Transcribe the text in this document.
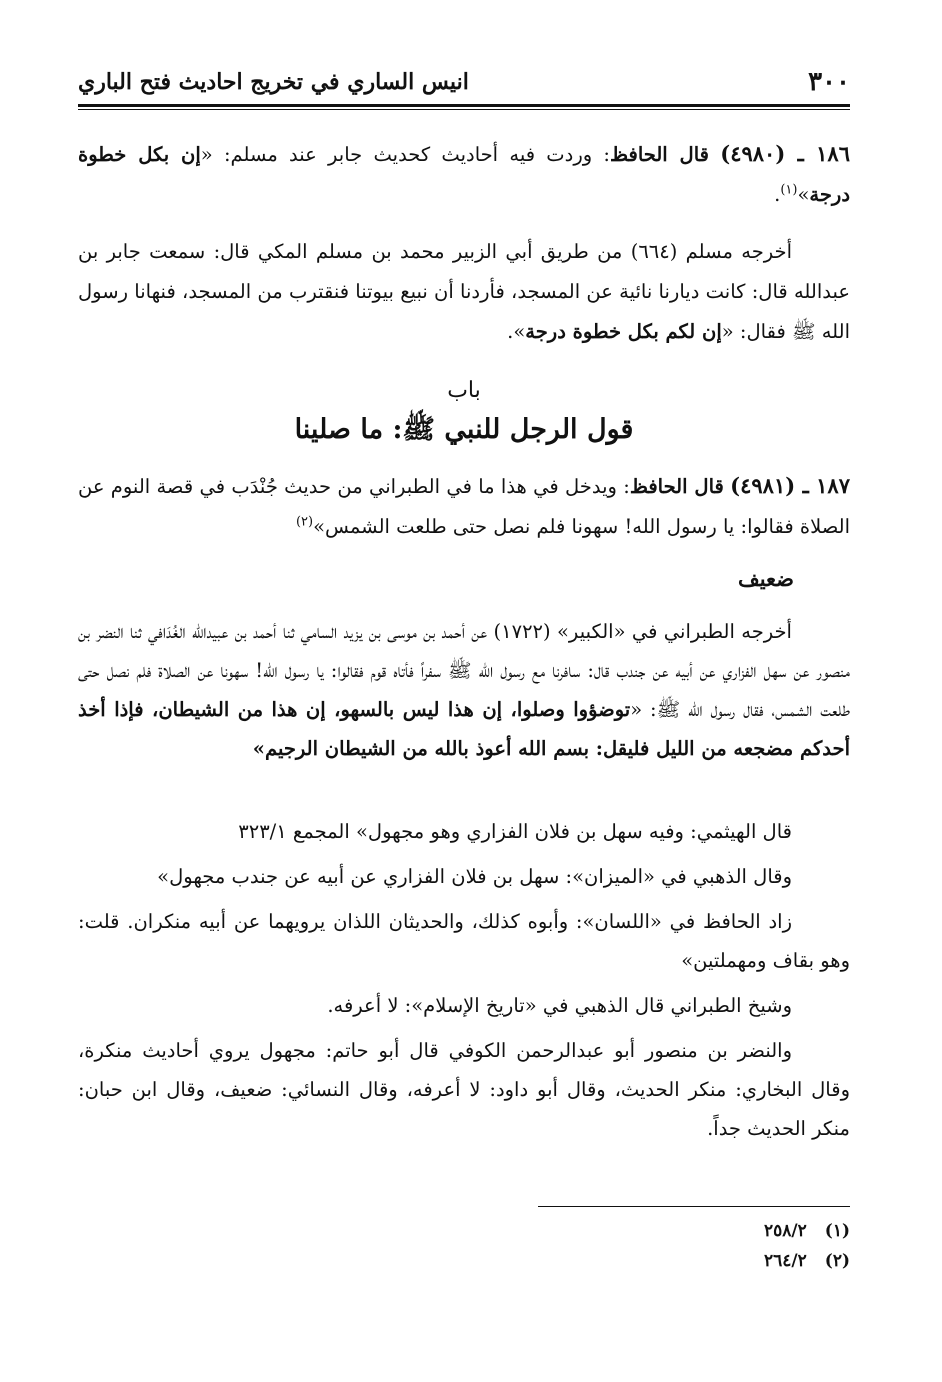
٣٠٠
انيس الساري في تخريج احاديث فتح الباري

١٨٦ ـ (٤٩٨٠) قال الحافظ: وردت فيه أحاديث كحديث جابر عند مسلم: «إن بكل خطوة درجة»$^{(١)}$.

أخرجه مسلم (٦٦٤) من طريق أبي الزبير محمد بن مسلم المكي قال: سمعت جابر بن عبدالله قال: كانت ديارنا نائية عن المسجد، فأردنا أن نبيع بيوتنا فنقترب من المسجد، فنهانا رسول الله ﷺ فقال: «إن لكم بكل خطوة درجة».

باب
قول الرجل للنبي ﷺ: ما صلينا

١٨٧ ـ (٤٩٨١) قال الحافظ: ويدخل في هذا ما في الطبراني من حديث جُنْدَب في قصة النوم عن الصلاة فقالوا: يا رسول الله! سهونا فلم نصل حتى طلعت الشمس»$^{(٢)}$

ضعيف

أخرجه الطبراني في «الكبير» (١٧٢٢) عن أحمد بن موسى بن يزيد السامي ثنا أحمد بن عبيدالله الغُدَافي ثنا النضر بن منصور عن سهل الفزاري عن أبيه عن جندب قال: سافرنا مع رسول الله ﷺ سفراً فأتاه قوم فقالوا: يا رسول الله! سهونا عن الصلاة فلم نصل حتى طلعت الشمس، فقال رسول الله ﷺ: «توضؤوا وصلوا، إن هذا ليس بالسهو، إن هذا من الشيطان، فإذا أخذ أحدكم مضجعه من الليل فليقل: بسم الله أعوذ بالله من الشيطان الرجيم»

قال الهيثمي: وفيه سهل بن فلان الفزاري وهو مجهول» المجمع ٣٢٣/١

وقال الذهبي في «الميزان»: سهل بن فلان الفزاري عن أبيه عن جندب مجهول»

زاد الحافظ في «اللسان»: وأبوه كذلك، والحديثان اللذان يرويهما عن أبيه منكران. قلت: وهو بقاف ومهملتين»

وشيخ الطبراني قال الذهبي في «تاريخ الإسلام»: لا أعرفه.

والنضر بن منصور أبو عبدالرحمن الكوفي قال أبو حاتم: مجهول يروي أحاديث منكرة، وقال البخاري: منكر الحديث، وقال أبو داود: لا أعرفه، وقال النسائي: ضعيف، وقال ابن حبان: منكر الحديث جداً.

(١)
٢٥٨/٢
(٢)
٢٦٤/٢
